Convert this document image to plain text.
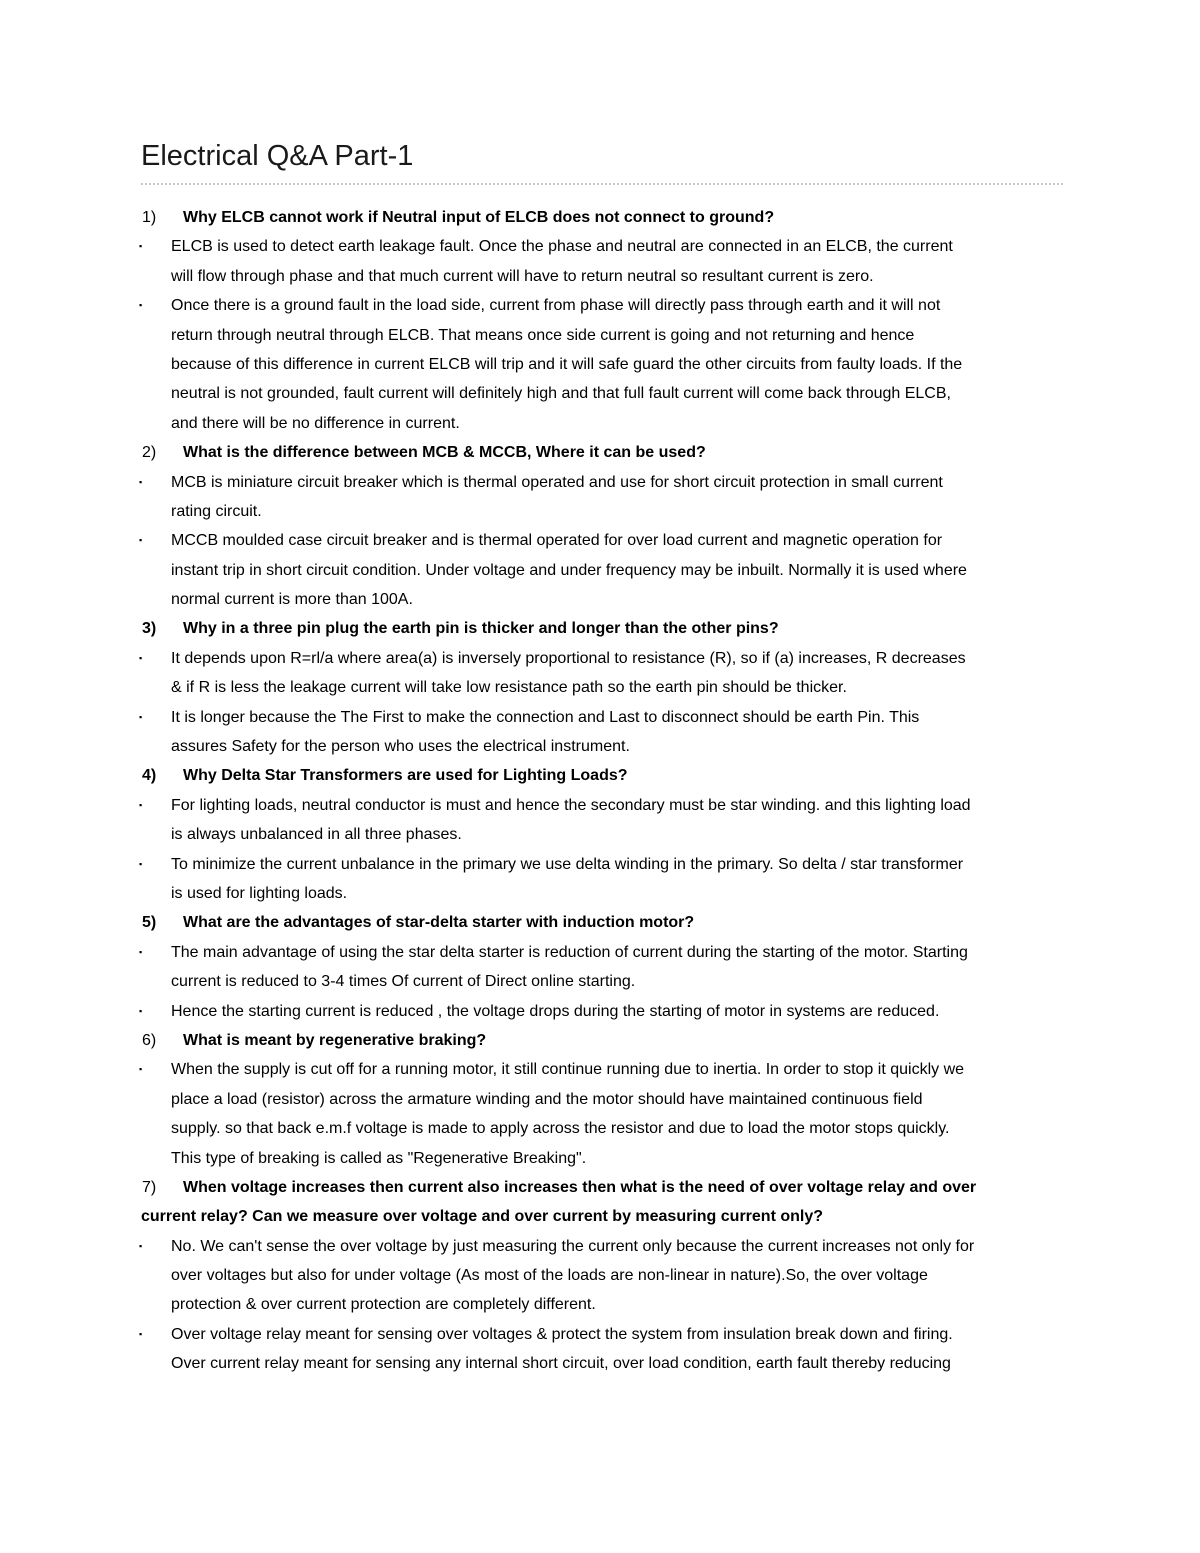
Electrical Q&A Part-1
1) Why ELCB cannot work if Neutral input of ELCB does not connect to ground?
▪ ELCB is used to detect earth leakage fault. Once the phase and neutral are connected in an ELCB, the current
will flow through phase and that much current will have to return neutral so resultant current is zero.
▪ Once there is a ground fault in the load side, current from phase will directly pass through earth and it will not
return through neutral through ELCB. That means once side current is going and not returning and hence
because of this difference in current ELCB will trip and it will safe guard the other circuits from faulty loads. If the
neutral is not grounded, fault current will definitely high and that full fault current will come back through ELCB,
and there will be no difference in current.
2) What is the difference between MCB & MCCB, Where it can be used?
▪ MCB is miniature circuit breaker which is thermal operated and use for short circuit protection in small current
rating circuit.
▪ MCCB moulded case circuit breaker and is thermal operated for over load current and magnetic operation for
instant trip in short circuit condition. Under voltage and under frequency may be inbuilt. Normally it is used where
normal current is more than 100A.
3) Why in a three pin plug the earth pin is thicker and longer than the other pins?
▪ It depends upon R=rl/a where area(a) is inversely proportional to resistance (R), so if (a) increases, R decreases
& if R is less the leakage current will take low resistance path so the earth pin should be thicker.
▪ It is longer because the The First to make the connection and Last to disconnect should be earth Pin. This
assures Safety for the person who uses the electrical instrument.
4) Why Delta Star Transformers are used for Lighting Loads?
▪ For lighting loads, neutral conductor is must and hence the secondary must be star winding. and this lighting load
is always unbalanced in all three phases.
▪ To minimize the current unbalance in the primary we use delta winding in the primary. So delta / star transformer
is used for lighting loads.
5) What are the advantages of star-delta starter with induction motor?
▪ The main advantage of using the star delta starter is reduction of current during the starting of the motor. Starting
current is reduced to 3-4 times Of current of Direct online starting.
▪ Hence the starting current is reduced , the voltage drops during the starting of motor in systems are reduced.
6) What is meant by regenerative braking?
▪ When the supply is cut off for a running motor, it still continue running due to inertia. In order to stop it quickly we
place a load (resistor) across the armature winding and the motor should have maintained continuous field
supply. so that back e.m.f voltage is made to apply across the resistor and due to load the motor stops quickly.
This type of breaking is called as "Regenerative Breaking".
7) When voltage increases then current also increases then what is the need of over voltage relay and over
current relay? Can we measure over voltage and over current by measuring current only?
▪ No. We can't sense the over voltage by just measuring the current only because the current increases not only for
over voltages but also for under voltage (As most of the loads are non-linear in nature).So, the over voltage
protection & over current protection are completely different.
▪ Over voltage relay meant for sensing over voltages & protect the system from insulation break down and firing.
Over current relay meant for sensing any internal short circuit, over load condition, earth fault thereby reducing
